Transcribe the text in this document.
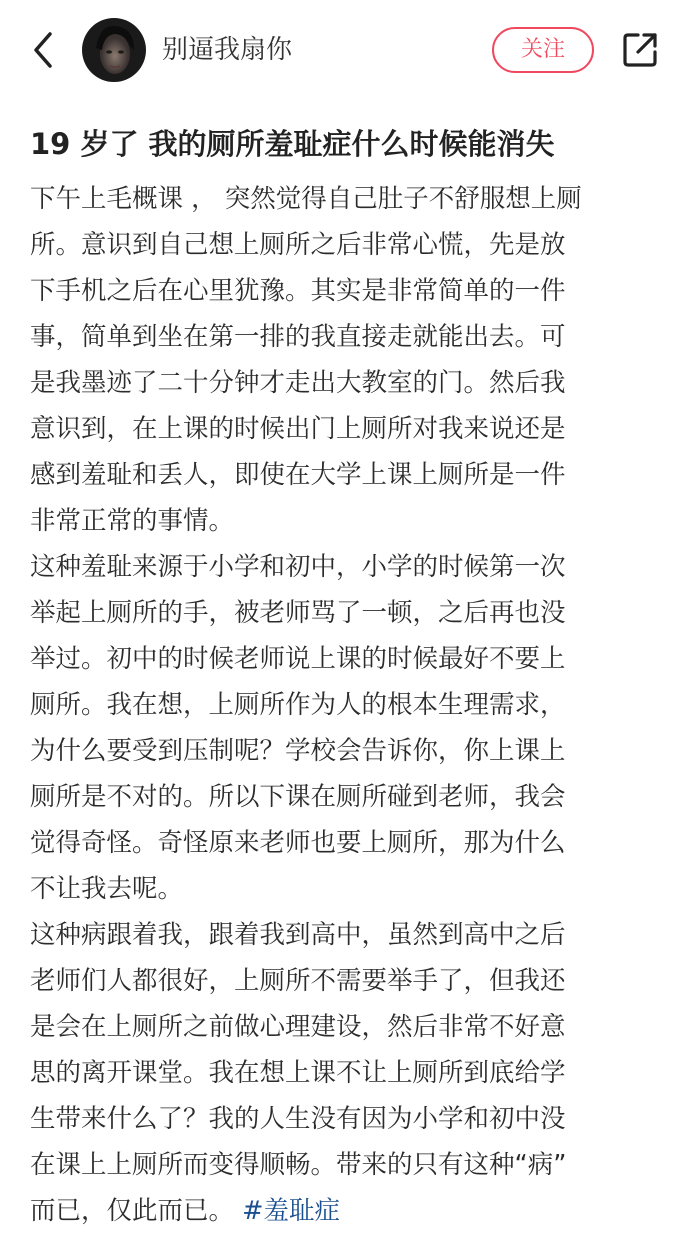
别逼我扇你	关注
19 岁了 我的厕所羞耻症什么时候能消失

下午上毛概课 ， 突然觉得自己肚子不舒服想上厕
所。意识到自己想上厕所之后非常心慌，先是放
下手机之后在心里犹豫。其实是非常简单的一件
事，简单到坐在第一排的我直接走就能出去。可
是我墨迹了二十分钟才走出大教室的门。然后我
意识到，在上课的时候出门上厕所对我来说还是
感到羞耻和丢人，即使在大学上课上厕所是一件
非常正常的事情。

这种羞耻来源于小学和初中，小学的时候第一次
举起上厕所的手，被老师骂了一顿，之后再也没
举过。初中的时候老师说上课的时候最好不要上
厕所。我在想，上厕所作为人的根本生理需求，
为什么要受到压制呢？学校会告诉你，你上课上
厕所是不对的。所以下课在厕所碰到老师，我会
觉得奇怪。奇怪原来老师也要上厕所，那为什么
不让我去呢。

这种病跟着我，跟着我到高中，虽然到高中之后
老师们人都很好，上厕所不需要举手了，但我还
是会在上厕所之前做心理建设，然后非常不好意
思的离开课堂。我在想上课不让上厕所到底给学
生带来什么了？我的人生没有因为小学和初中没
在课上上厕所而变得顺畅。带来的只有这种“病”
而已，仅此而已。 #羞耻症
